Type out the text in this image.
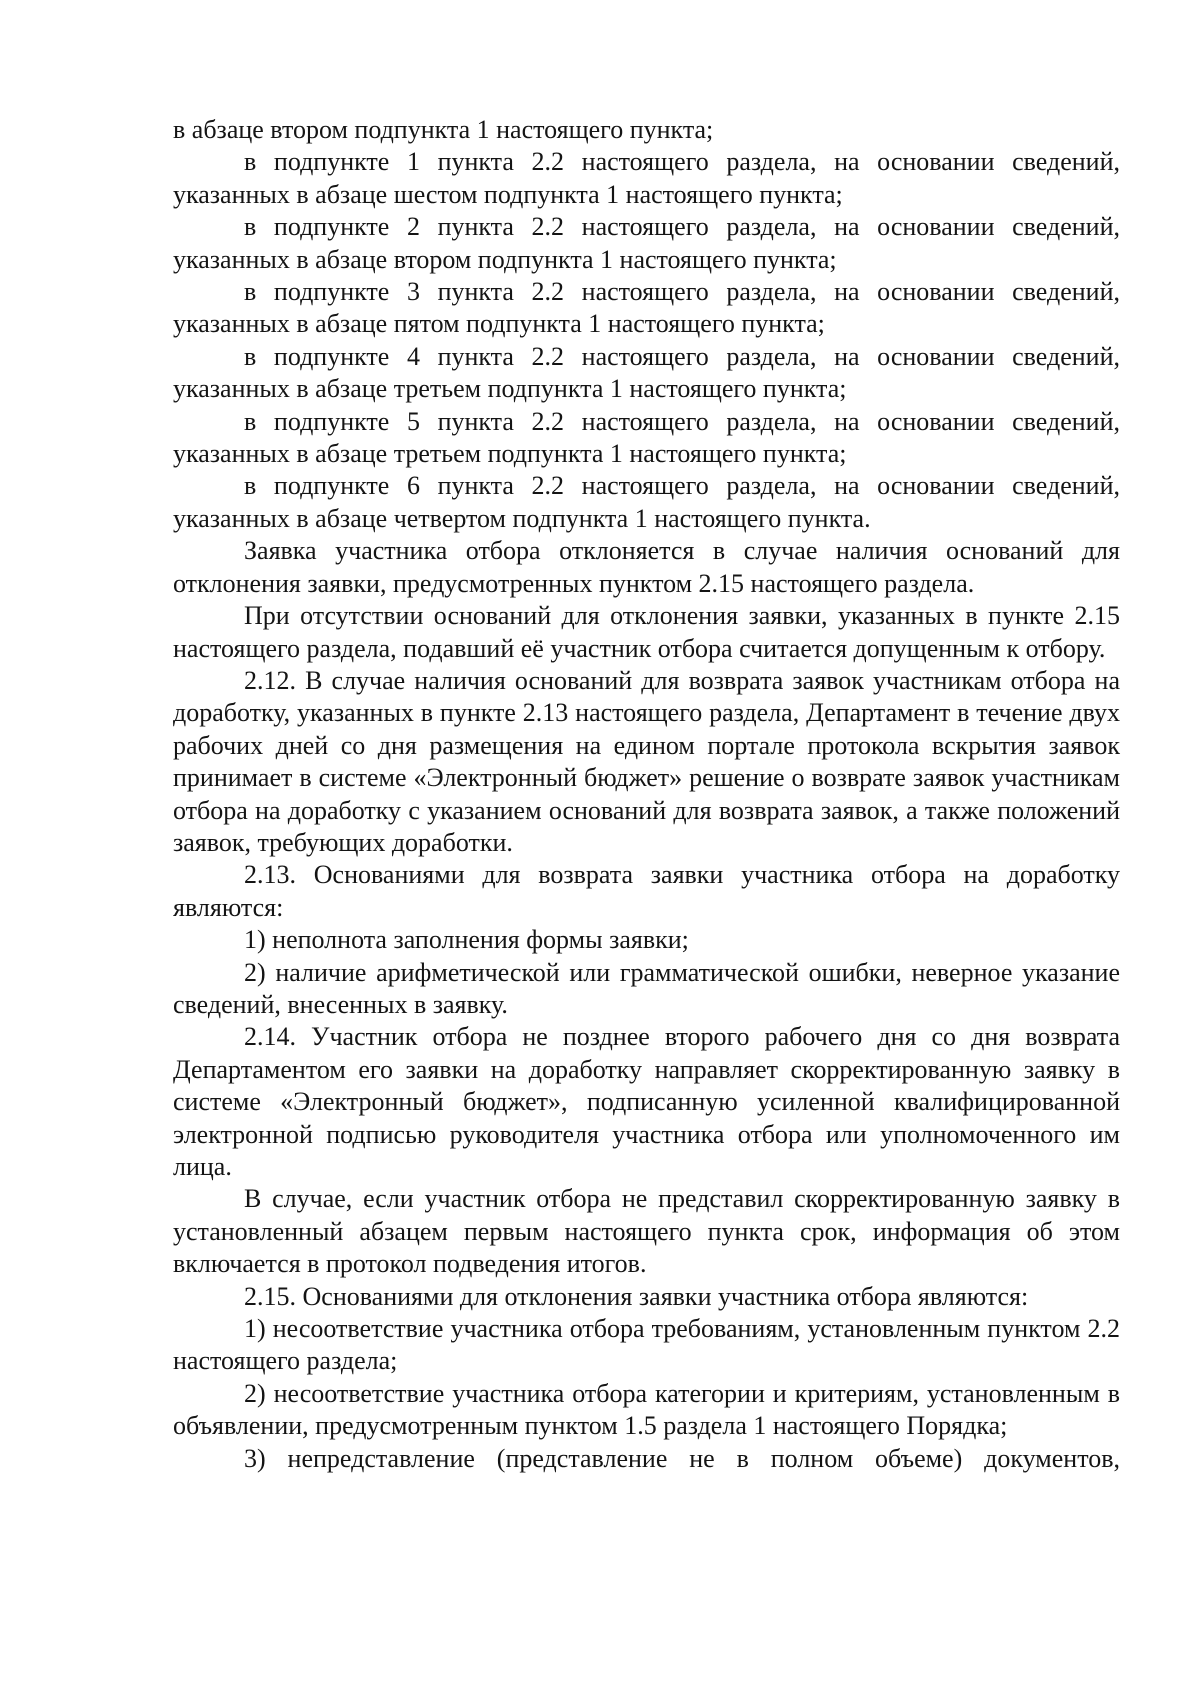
в абзаце втором подпункта 1 настоящего пункта;

в подпункте 1 пункта 2.2 настоящего раздела, на основании сведений, указанных в абзаце шестом подпункта 1 настоящего пункта;

в подпункте 2 пункта 2.2 настоящего раздела, на основании сведений, указанных в абзаце втором подпункта 1 настоящего пункта;

в подпункте 3 пункта 2.2 настоящего раздела, на основании сведений, указанных в абзаце пятом подпункта 1 настоящего пункта;

в подпункте 4 пункта 2.2 настоящего раздела, на основании сведений, указанных в абзаце третьем подпункта 1 настоящего пункта;

в подпункте 5 пункта 2.2 настоящего раздела, на основании сведений, указанных в абзаце третьем подпункта 1 настоящего пункта;

в подпункте 6 пункта 2.2 настоящего раздела, на основании сведений, указанных в абзаце четвертом подпункта 1 настоящего пункта.

Заявка участника отбора отклоняется в случае наличия оснований для отклонения заявки, предусмотренных пунктом 2.15 настоящего раздела.

При отсутствии оснований для отклонения заявки, указанных в пункте 2.15 настоящего раздела, подавший её участник отбора считается допущенным к отбору.

2.12. В случае наличия оснований для возврата заявок участникам отбора на доработку, указанных в пункте 2.13 настоящего раздела, Департамент в течение двух рабочих дней со дня размещения на едином портале протокола вскрытия заявок принимает в системе «Электронный бюджет» решение о возврате заявок участникам отбора на доработку с указанием оснований для возврата заявок, а также положений заявок, требующих доработки.

2.13. Основаниями для возврата заявки участника отбора на доработку являются:

1) неполнота заполнения формы заявки;

2) наличие арифметической или грамматической ошибки, неверное указание сведений, внесенных в заявку.

2.14. Участник отбора не позднее второго рабочего дня со дня возврата Департаментом его заявки на доработку направляет скорректированную заявку в системе «Электронный бюджет», подписанную усиленной квалифицированной электронной подписью руководителя участника отбора или уполномоченного им лица.

В случае, если участник отбора не представил скорректированную заявку в установленный абзацем первым настоящего пункта срок, информация об этом включается в протокол подведения итогов.

2.15. Основаниями для отклонения заявки участника отбора являются:

1) несоответствие участника отбора требованиям, установленным пунктом 2.2 настоящего раздела;

2) несоответствие участника отбора категории и критериям, установленным в объявлении, предусмотренным пунктом 1.5 раздела 1 настоящего Порядка;

3) непредставление (представление не в полном объеме) документов,
